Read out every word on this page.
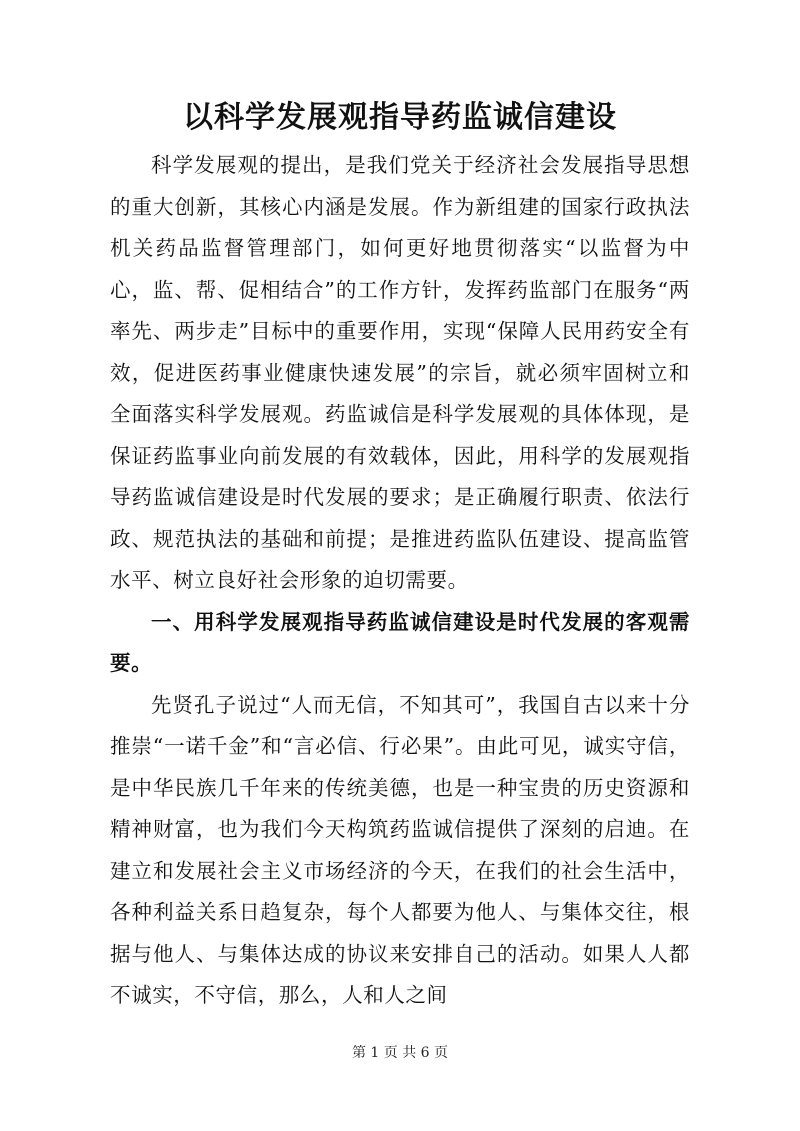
以科学发展观指导药监诚信建设

科学发展观的提出，是我们党关于经济社会发展指导思想的重大创新，其核心内涵是发展。作为新组建的国家行政执法机关药品监督管理部门，如何更好地贯彻落实“以监督为中心，监、帮、促相结合”的工作方针，发挥药监部门在服务“两率先、两步走”目标中的重要作用，实现“保障人民用药安全有效，促进医药事业健康快速发展”的宗旨，就必须牢固树立和全面落实科学发展观。药监诚信是科学发展观的具体体现，是保证药监事业向前发展的有效载体，因此，用科学的发展观指导药监诚信建设是时代发展的要求；是正确履行职责、依法行政、规范执法的基础和前提；是推进药监队伍建设、提高监管水平、树立良好社会形象的迫切需要。

一、用科学发展观指导药监诚信建设是时代发展的客观需要。

先贤孔子说过“人而无信，不知其可”，我国自古以来十分推崇“一诺千金”和“言必信、行必果”。由此可见，诚实守信，是中华民族几千年来的传统美德，也是一种宝贵的历史资源和精神财富，也为我们今天构筑药监诚信提供了深刻的启迪。在建立和发展社会主义市场经济的今天，在我们的社会生活中，各种利益关系日趋复杂，每个人都要为他人、与集体交往，根据与他人、与集体达成的协议来安排自己的活动。如果人人都不诚实，不守信，那么，人和人之间

第 1 页 共 6 页
